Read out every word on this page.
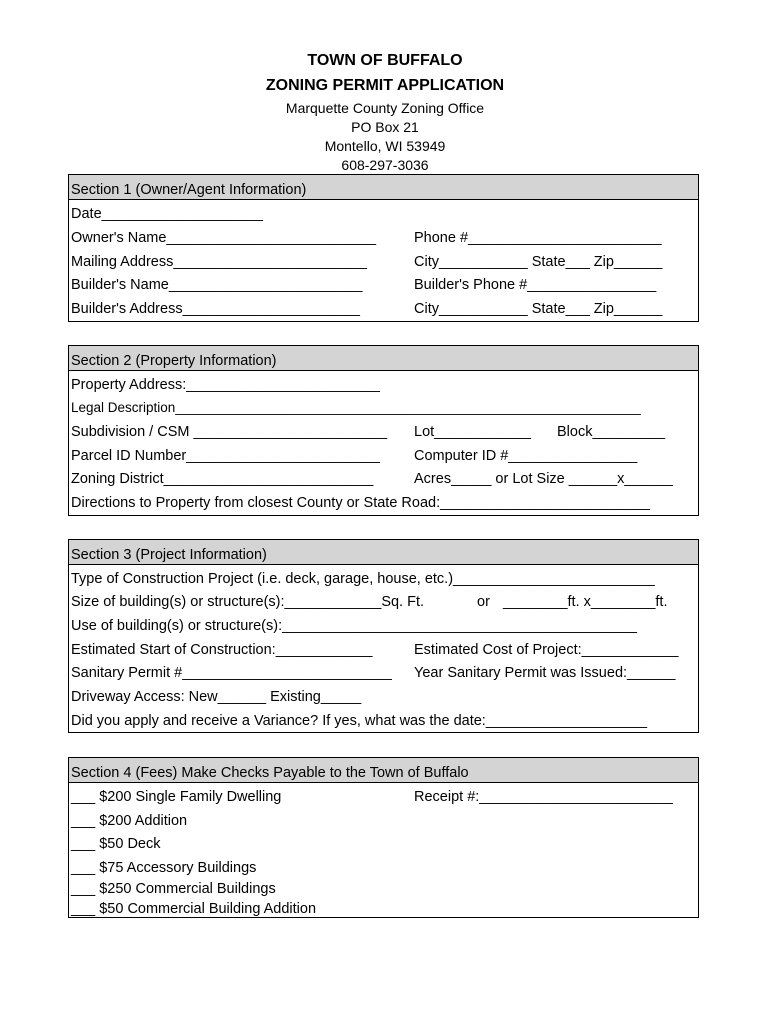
TOWN OF BUFFALO
ZONING PERMIT APPLICATION
Marquette County Zoning Office
PO Box 21
Montello, WI 53949
608-297-3036
Section 1 (Owner/Agent Information)
Date____________________
Owner's Name__________________________	Phone #________________________
Mailing Address________________________	City___________ State___ Zip______
Builder's Name________________________	Builder's Phone #________________
Builder's Address______________________	City___________ State___ Zip______
Section 2 (Property Information)
Property Address:________________________
Legal Description______________________________________________________________
Subdivision / CSM ________________________ Lot____________ Block_________
Parcel ID Number________________________ Computer ID #________________
Zoning District__________________________	Acres_____ or Lot Size ______x______
Directions to Property from closest County or State Road:__________________________
Section 3 (Project Information)
Type of Construction Project (i.e. deck, garage, house, etc.)_________________________
Size of building(s) or structure(s):____________Sq. Ft.	or ________ft. x________ft.
Use of building(s) or structure(s):____________________________________________
Estimated Start of Construction:____________	Estimated Cost of Project:____________
Sanitary Permit #__________________________ Year Sanitary Permit was Issued:______
Driveway Access: New______ Existing_____
Did you apply and receive a Variance? If yes, what was the date:____________________
Section 4 (Fees) Make Checks Payable to the Town of Buffalo
___ $200 Single Family Dwelling	Receipt #:________________________
___ $200 Addition
___ $50 Deck
___ $75 Accessory Buildings
___ $250 Commercial Buildings
___ $50 Commercial Building Addition
